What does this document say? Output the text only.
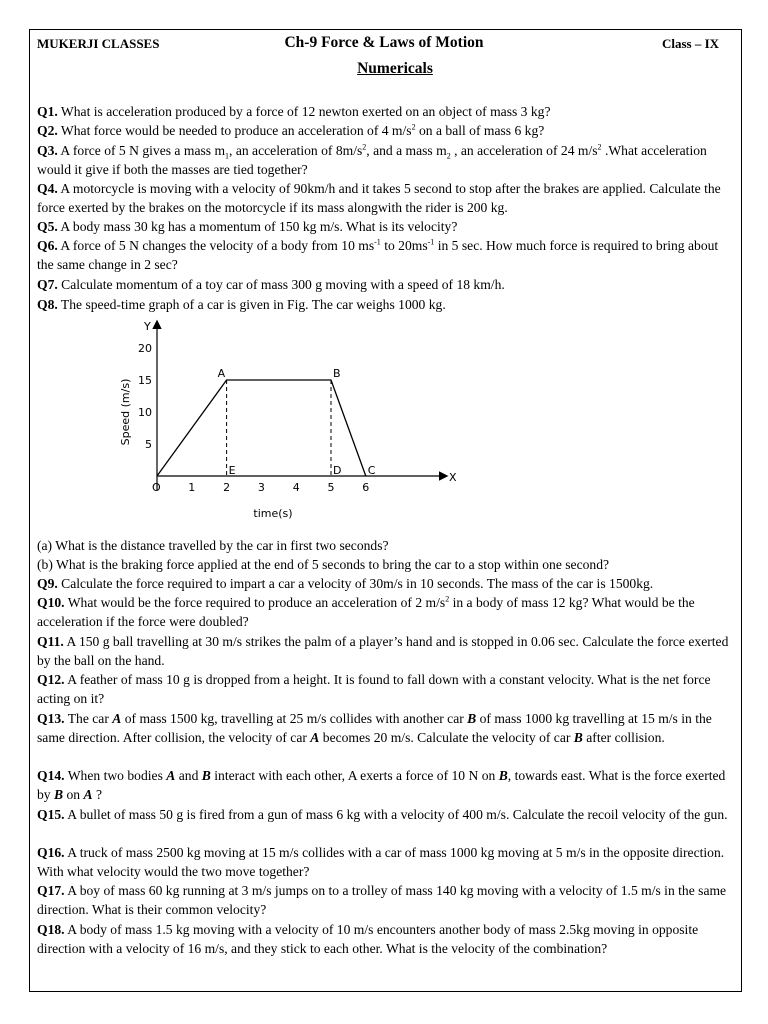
MUKERJI CLASSES	Ch-9 Force & Laws of Motion	Class – IX
Numericals

Q1. What is acceleration produced by a force of 12 newton exerted on an object of mass 3 kg?

Q2. What force would be needed to produce an acceleration of 4 $m/s^2$ on a ball of mass 6 kg?

Q3. A force of 5 N gives a mass $m_1$, an acceleration of $8m/s^2$, and a mass $m_2$ , an acceleration of 24 $m/s^2$ .What acceleration would it give if both the masses are tied together?

Q4. A motorcycle is moving with a velocity of 90km/h and it takes 5 second to stop after the brakes are applied. Calculate the force exerted by the brakes on the motorcycle if its mass alongwith the rider is 200 kg.

Q5. A body mass 30 kg has a momentum of 150 kg m/s. What is its velocity?

Q6. A force of 5 N changes the velocity of a body from 10 $ms^{-1}$ to $20ms^{-1}$ in 5 sec. How much force is required to bring about the same change in 2 sec?

Q7. Calculate momentum of a toy car of mass 300 g moving with a speed of 18 km/h.

Q8. The speed-time graph of a car is given in Fig. The car weighs 1000 kg.

Y
X
O
Speed (m/s)
time(s)
1	2	3	4	5	6
5
10
15
20
A	B
C
D
E

(a) What is the distance travelled by the car in first two seconds?

(b) What is the braking force applied at the end of 5 seconds to bring the car to a stop within one second?

Q9. Calculate the force required to impart a car a velocity of 30m/s in 10 seconds. The mass of the car is 1500kg.

Q10. What would be the force required to produce an acceleration of 2 $m/s^2$ in a body of mass 12 kg? What would be the acceleration if the force were doubled?

Q11. A 150 g ball travelling at 30 m/s strikes the palm of a player’s hand and is stopped in 0.06 sec. Calculate the force exerted by the ball on the hand.

Q12. A feather of mass 10 g is dropped from a height. It is found to fall down with a constant velocity. What is the net force acting on it?

Q13. The car A of mass 1500 kg, travelling at 25 m/s collides with another car B of mass 1000 kg travelling at 15 m/s in the same direction. After collision, the velocity of car A becomes 20 m/s. Calculate the velocity of car B after collision.

Q14. When two bodies A and B interact with each other, A exerts a force of 10 N on B, towards east. What is the force exerted by B on A ?

Q15. A bullet of mass 50 g is fired from a gun of mass 6 kg with a velocity of 400 m/s. Calculate the recoil velocity of the gun.

Q16. A truck of mass 2500 kg moving at 15 m/s collides with a car of mass 1000 kg moving at 5 m/s in the opposite direction. With what velocity would the two move together?

Q17. A boy of mass 60 kg running at 3 m/s jumps on to a trolley of mass 140 kg moving with a velocity of 1.5 m/s in the same direction. What is their common velocity?

Q18. A body of mass 1.5 kg moving with a velocity of 10 m/s encounters another body of mass 2.5kg moving in opposite direction with a velocity of 16 m/s, and they stick to each other. What is the velocity of the combination?
